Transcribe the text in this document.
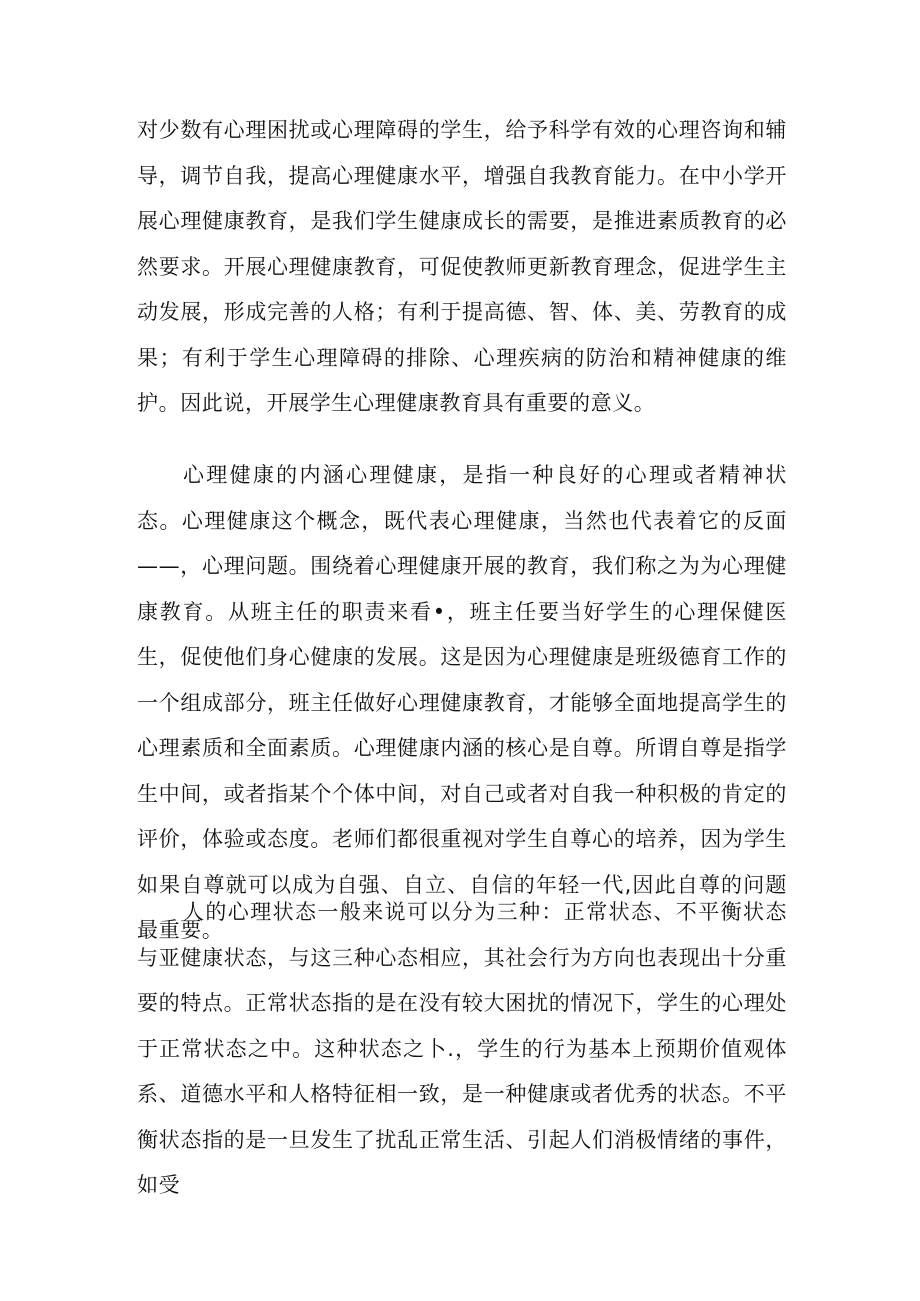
对少数有心理困扰或心理障碍的学生，给予科学有效的心理咨询和辅导，调节自我，提高心理健康水平，增强自我教育能力。在中小学开展心理健康教育，是我们学生健康成长的需要，是推进素质教育的必然要求。开展心理健康教育，可促使教师更新教育理念，促进学生主动发展，形成完善的人格；有利于提高德、智、体、美、劳教育的成果；有利于学生心理障碍的排除、心理疾病的防治和精神健康的维护。因此说，开展学生心理健康教育具有重要的意义。

心理健康的内涵心理健康，是指一种良好的心理或者精神状态。心理健康这个概念，既代表心理健康，当然也代表着它的反面——，心理问题。围绕着心理健康开展的教育，我们称之为为心理健康教育。从班主任的职责来看•，班主任要当好学生的心理保健医生，促使他们身心健康的发展。这是因为心理健康是班级德育工作的一个组成部分，班主任做好心理健康教育，才能够全面地提高学生的心理素质和全面素质。心理健康内涵的核心是自尊。所谓自尊是指学生中间，或者指某个个体中间，对自己或者对自我一种积极的肯定的评价，体验或态度。老师们都很重视对学生自尊心的培养，因为学生如果自尊就可以成为自强、自立、自信的年轻一代,因此自尊的问题最重要。

人的心理状态一般来说可以分为三种：正常状态、不平衡状态与亚健康状态，与这三种心态相应，其社会行为方向也表现出十分重要的特点。正常状态指的是在没有较大困扰的情况下，学生的心理处于正常状态之中。这种状态之卜.，学生的行为基本上预期价值观体系、道德水平和人格特征相一致，是一种健康或者优秀的状态。不平衡状态指的是一旦发生了扰乱正常生活、引起人们消极情绪的事件，如受
